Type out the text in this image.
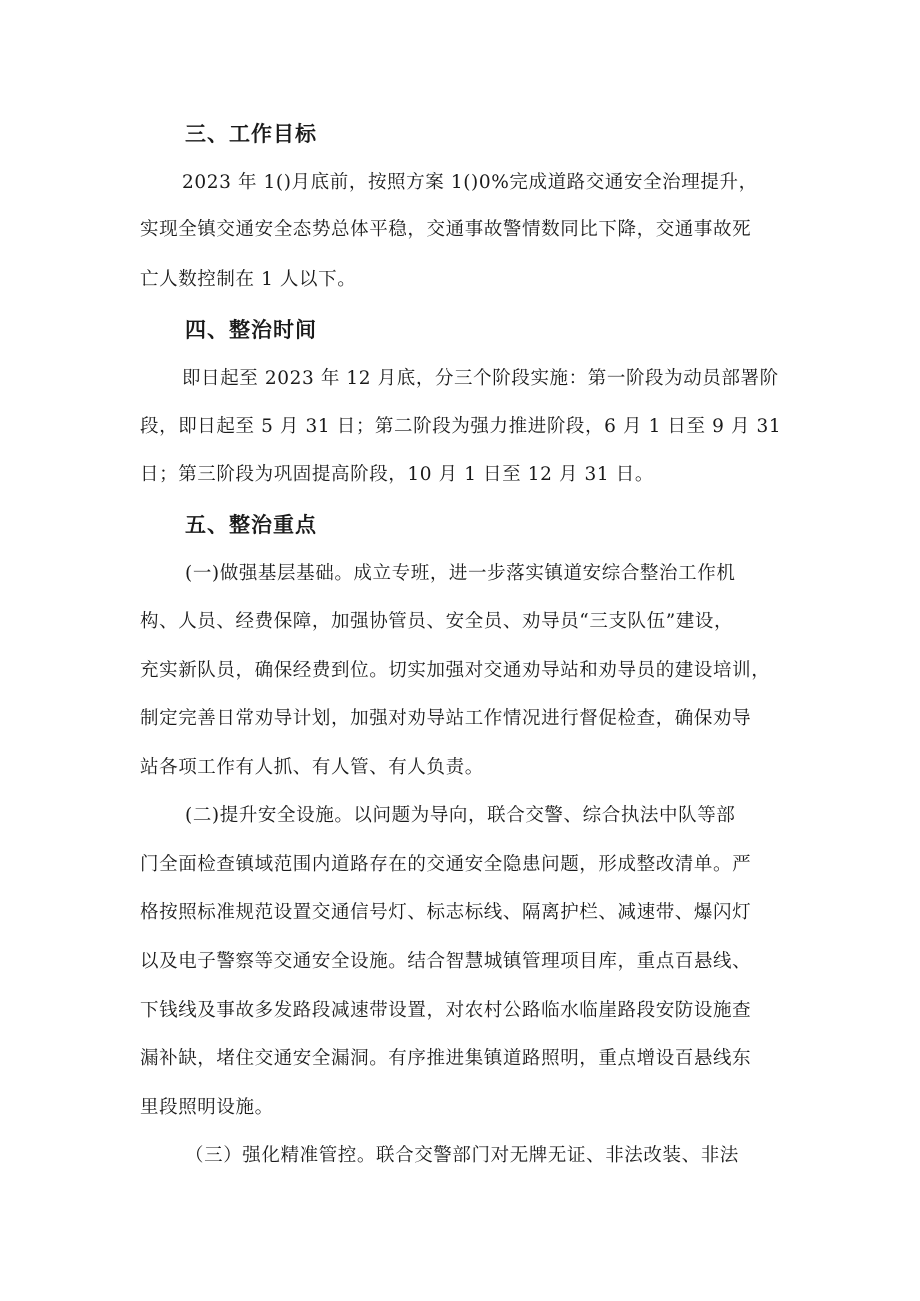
三、工作目标
2023 年 1()月底前，按照方案 1()0%完成道路交通安全治理提升，
实现全镇交通安全态势总体平稳，交通事故警情数同比下降，交通事故死
亡人数控制在 1 人以下。
四、整治时间
即日起至 2023 年 12 月底，分三个阶段实施：第一阶段为动员部署阶
段，即日起至 5 月 31 日；第二阶段为强力推进阶段，6 月 1 日至 9 月 31
日；第三阶段为巩固提高阶段，10 月 1 日至 12 月 31 日。
五、整治重点
(一)做强基层基础。成立专班，进一步落实镇道安综合整治工作机
构、人员、经费保障，加强协管员、安全员、劝导员“三支队伍”建设，
充实新队员，确保经费到位。切实加强对交通劝导站和劝导员的建设培训，
制定完善日常劝导计划，加强对劝导站工作情况进行督促检查，确保劝导
站各项工作有人抓、有人管、有人负责。
(二)提升安全设施。以问题为导向，联合交警、综合执法中队等部
门全面检查镇域范围内道路存在的交通安全隐患问题，形成整改清单。严
格按照标准规范设置交通信号灯、标志标线、隔离护栏、减速带、爆闪灯
以及电子警察等交通安全设施。结合智慧城镇管理项目库，重点百悬线、
下钱线及事故多发路段减速带设置，对农村公路临水临崖路段安防设施查
漏补缺，堵住交通安全漏洞。有序推进集镇道路照明，重点增设百悬线东
里段照明设施。
（三）强化精准管控。联合交警部门对无牌无证、非法改装、非法
